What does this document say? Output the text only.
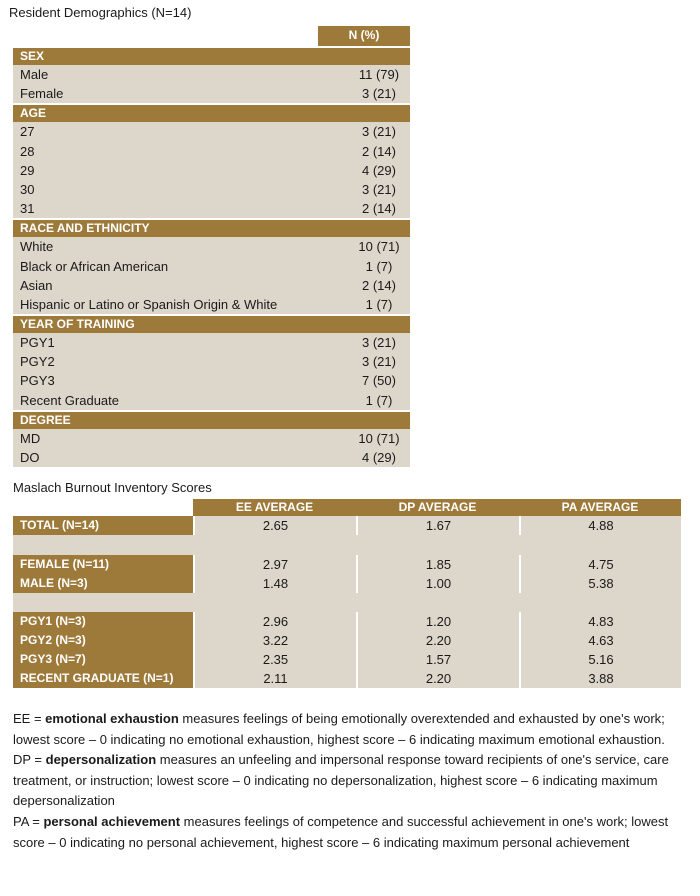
Resident Demographics (N=14)
N (%)
SEX
Male	11 (79)
Female	3 (21)
AGE
27	3 (21)
28	2 (14)
29	4 (29)
30	3 (21)
31	2 (14)
RACE AND ETHNICITY
White	10 (71)
Black or African American	1 (7)
Asian	2 (14)
Hispanic or Latino or Spanish Origin & White	1 (7)
YEAR OF TRAINING
PGY1	3 (21)
PGY2	3 (21)
PGY3	7 (50)
Recent Graduate	1 (7)
DEGREE
MD	10 (71)
DO	4 (29)
Maslach Burnout Inventory Scores
EE AVERAGE	DP AVERAGE	PA AVERAGE
TOTAL (N=14)	2.65	1.67	4.88
FEMALE (N=11)	2.97	1.85	4.75
MALE (N=3)	1.48	1.00	5.38
PGY1 (N=3)	2.96	1.20	4.83
PGY2 (N=3)	3.22	2.20	4.63
PGY3 (N=7)	2.35	1.57	5.16
RECENT GRADUATE (N=1)	2.11	2.20	3.88

EE = emotional exhaustion measures feelings of being emotionally overextended and exhausted by one's work; lowest score – 0 indicating no emotional exhaustion, highest score – 6 indicating maximum emotional exhaustion.

DP = depersonalization measures an unfeeling and impersonal response toward recipients of one's service, care treatment, or instruction; lowest score – 0 indicating no depersonalization, highest score – 6 indicating maximum depersonalization

PA = personal achievement measures feelings of competence and successful achievement in one's work; lowest score – 0 indicating no personal achievement, highest score – 6 indicating maximum personal achievement
